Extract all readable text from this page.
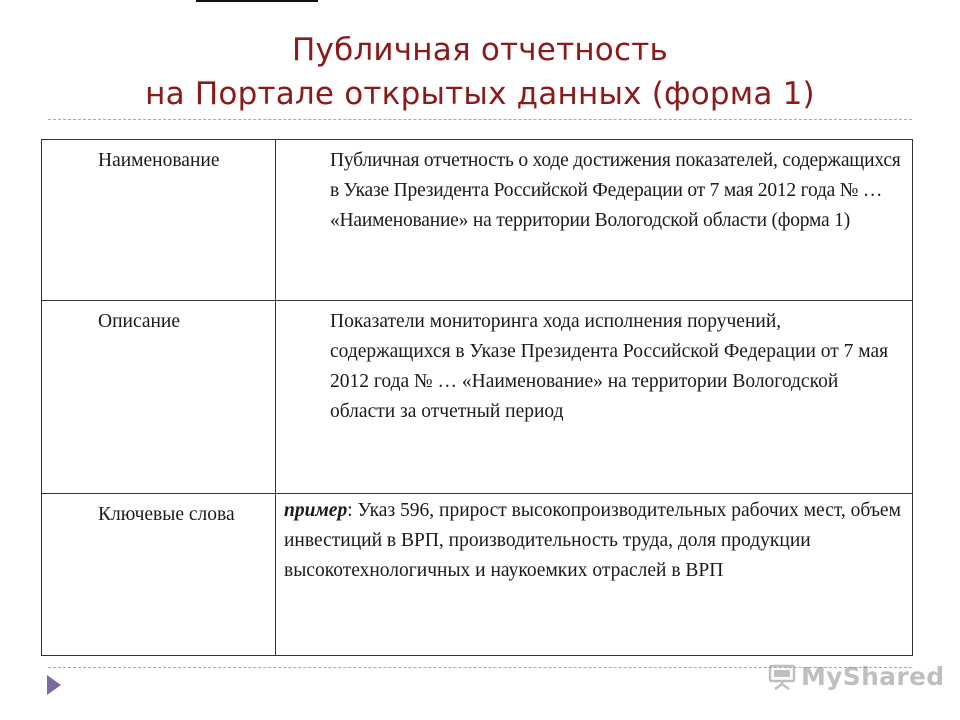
Публичная отчетность
на Портале открытых данных (форма 1)
Наименование	Публичная отчетность о ходе достижения показателей, содержащихся в Указе Президента Российской Федерации от 7 мая 2012 года № … «Наименование» на территории Вологодской области (форма 1)
Описание	Показатели мониторинга хода исполнения поручений, содержащихся в Указе Президента Российской Федерации от 7 мая 2012 года № … «Наименование» на территории Вологодской области за отчетный период
Ключевые слова	пример: Указ 596, прирост высокопроизводительных рабочих мест, объем инвестиций в ВРП, производительность труда, доля продукции высокотехнологичных и наукоемких отраслей в ВРП
MyShared
